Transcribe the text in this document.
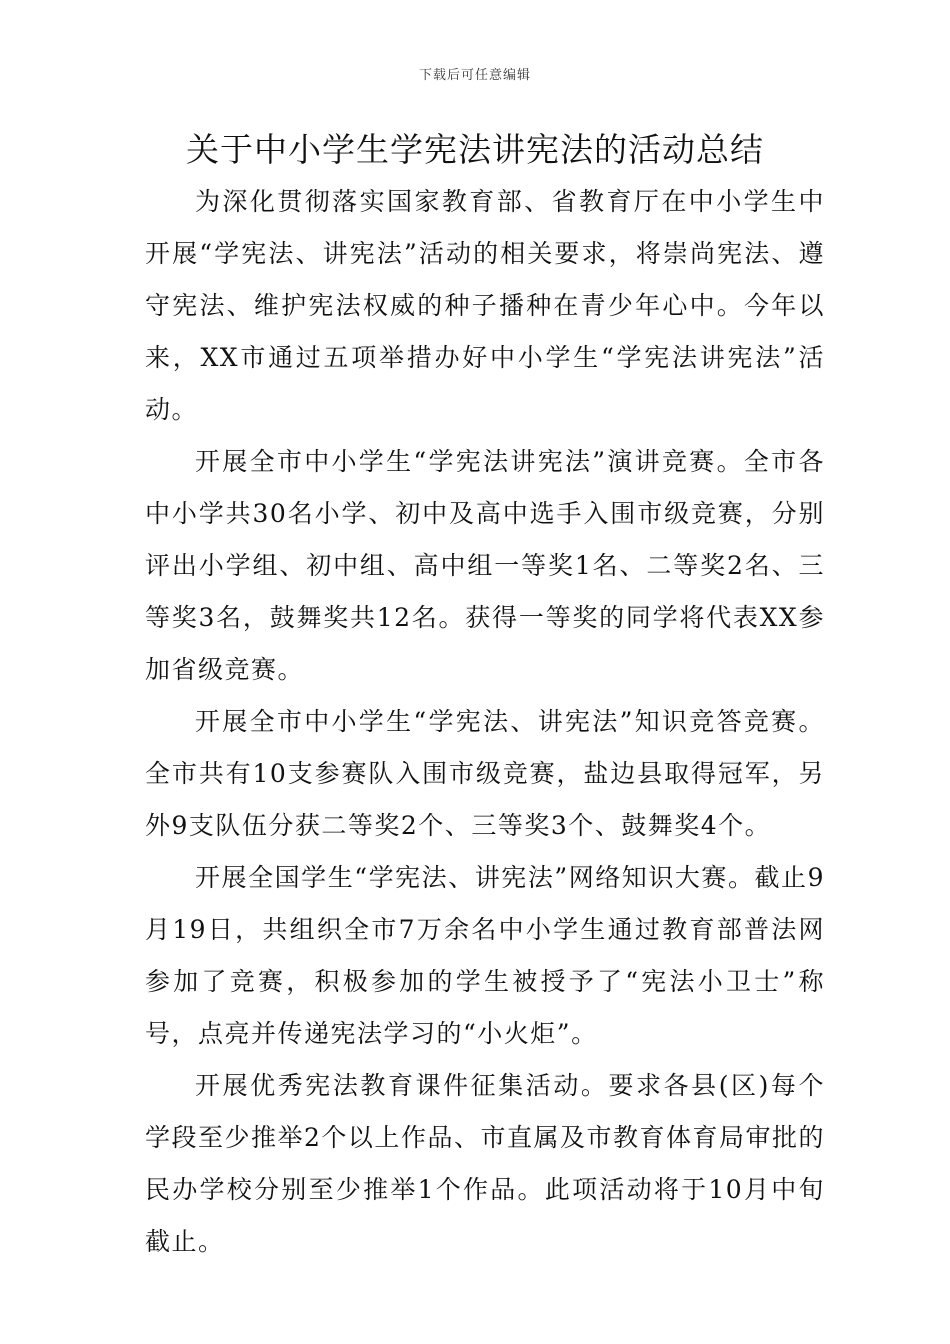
下载后可任意编辑
关于中小学生学宪法讲宪法的活动总结

为深化贯彻落实国家教育部、省教育厅在中小学生中开展“学宪法、讲宪法”活动的相关要求，将崇尚宪法、遵守宪法、维护宪法权威的种子播种在青少年心中。今年以来，XX市通过五项举措办好中小学生“学宪法讲宪法”活动。

开展全市中小学生“学宪法讲宪法”演讲竞赛。全市各中小学共30名小学、初中及高中选手入围市级竞赛，分别评出小学组、初中组、高中组一等奖1名、二等奖2名、三等奖3名，鼓舞奖共12名。获得一等奖的同学将代表XX参加省级竞赛。

开展全市中小学生“学宪法、讲宪法”知识竞答竞赛。全市共有10支参赛队入围市级竞赛，盐边县取得冠军，另外9支队伍分获二等奖2个、三等奖3个、鼓舞奖4个。

开展全国学生“学宪法、讲宪法”网络知识大赛。截止9月19日，共组织全市7万余名中小学生通过教育部普法网参加了竞赛，积极参加的学生被授予了“宪法小卫士”称号，点亮并传递宪法学习的“小火炬”。

开展优秀宪法教育课件征集活动。要求各县(区)每个学段至少推举2个以上作品、市直属及市教育体育局审批的民办学校分别至少推举1个作品。此项活动将于10月中旬截止。
